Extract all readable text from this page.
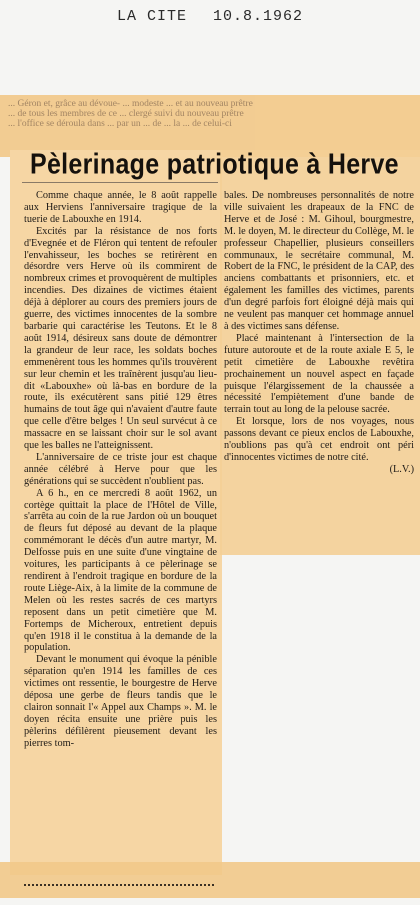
LA CITE 10.8.1962
... Géron et, grâce au dévoue- ... modeste ... et au nouveau prêtre
... de tous les membres de ce ... clergé suivi du nouveau prêtre
... l'office se déroula dans ... par un ... de ... la ... de celui-ci
Pèlerinage patriotique à Herve

Comme chaque année, le 8 août rappelle aux Herviens l'anniversaire tragique de la tuerie de Labouxhe en 1914.

Excités par la résistance de nos forts d'Evegnée et de Fléron qui tentent de refouler l'envahisseur, les boches se retirèrent en désordre vers Herve où ils commirent de nombreux crimes et provoquèrent de multiples incendies. Des dizaines de victimes étaient déjà à déplorer au cours des premiers jours de guerre, des victimes innocentes de la sombre barbarie qui caractérise les Teutons. Et le 8 août 1914, désireux sans doute de démontrer la grandeur de leur race, les soldats boches emmenèrent tous les hommes qu'ils trouvèrent sur leur chemin et les traînèrent jusqu'au lieu-dit «Labouxhe» où là-bas en bordure de la route, ils exécutèrent sans pitié 129 êtres humains de tout âge qui n'avaient d'autre faute que celle d'être belges ! Un seul survécut à ce massacre en se laissant choir sur le sol avant que les balles ne l'atteignissent.

L'anniversaire de ce triste jour est chaque année célébré à Herve pour que les générations qui se succèdent n'oublient pas.

A 6 h., en ce mercredi 8 août 1962, un cortège quittait la place de l'Hôtel de Ville, s'arrêta au coin de la rue Jardon où un bouquet de fleurs fut déposé au devant de la plaque commémorant le décès d'un autre martyr, M. Delfosse puis en une suite d'une vingtaine de voitures, les participants à ce pèlerinage se rendirent à l'endroit tragique en bordure de la route Liège-Aix, à la limite de la commune de Melen où les restes sacrés de ces martyrs reposent dans un petit cimetière que M. Fortemps de Micheroux, entretient depuis qu'en 1918 il le constitua à la demande de la population.

Devant le monument qui évoque la pénible séparation qu'en 1914 les familles de ces victimes ont ressentie, le bourgestre de Herve déposa une gerbe de fleurs tandis que le clairon sonnait l'« Appel aux Champs ». M. le doyen récita ensuite une prière puis les pèlerins défilèrent pieusement devant les pierres tom-

bales. De nombreuses personnalités de notre ville suivaient les drapeaux de la FNC de Herve et de José : M. Gihoul, bourgmestre, M. le doyen, M. le directeur du Collège, M. le professeur Chapellier, plusieurs conseillers communaux, le secrétaire communal, M. Robert de la FNC, le président de la CAP, des anciens combattants et prisonniers, etc. et également les familles des victimes, parents d'un degré parfois fort éloigné déjà mais qui ne veulent pas manquer cet hommage annuel à des victimes sans défense.

Placé maintenant à l'intersection de la future autoroute et de la route axiale E 5, le petit cimetière de Labouxhe revêtira prochainement un nouvel aspect en façade puisque l'élargissement de la chaussée a nécessité l'empiètement d'une bande de terrain tout au long de la pelouse sacrée.

Et lorsque, lors de nos voyages, nous passons devant ce pieux enclos de Labouxhe, n'oublions pas qu'à cet endroit ont péri d'innocentes victimes de notre cité.

(L.V.)
